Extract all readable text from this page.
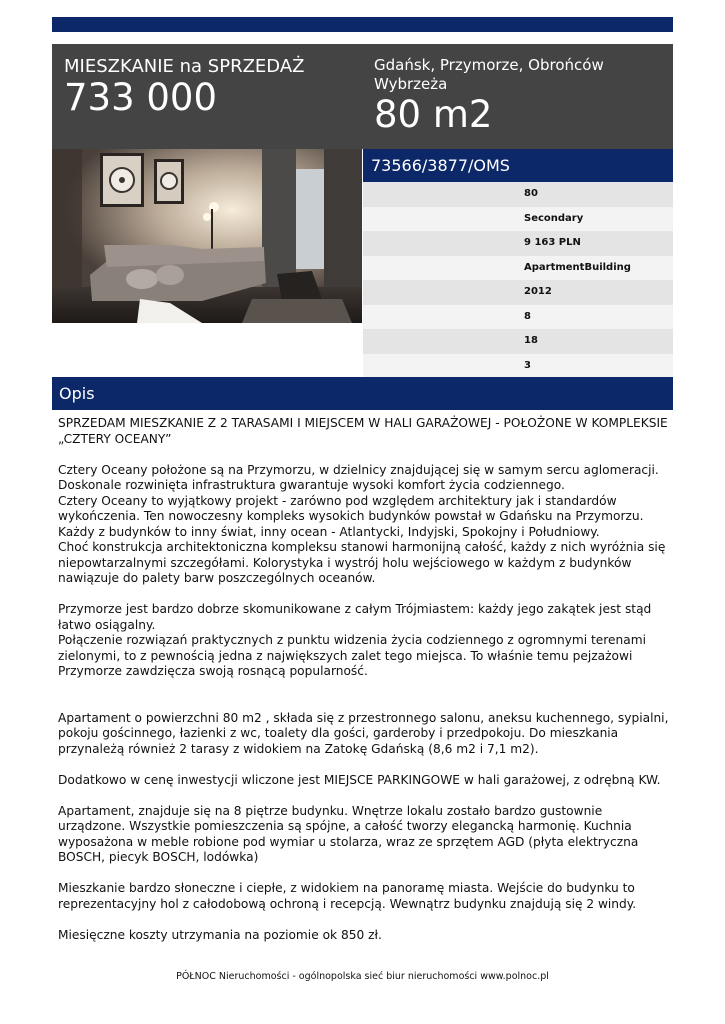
MIESZKANIE na SPRZEDAŻ
733 000
Gdańsk, Przymorze, Obrońców Wybrzeża
80 m2
73566/3877/OMS
80
Secondary
9 163 PLN
ApartmentBuilding
2012
8
18
3
Opis

SPRZEDAM MIESZKANIE Z 2 TARASAMI I MIEJSCEM W HALI GARAŻOWEJ - POŁOŻONE W KOMPLEKSIE „CZTERY OCEANY”

Cztery Oceany położone są na Przymorzu, w dzielnicy znajdującej się w samym sercu aglomeracji.

Doskonale rozwinięta infrastruktura gwarantuje wysoki komfort życia codziennego.

Cztery Oceany to wyjątkowy projekt - zarówno pod względem architektury jak i standardów wykończenia. Ten nowoczesny kompleks wysokich budynków powstał w Gdańsku na Przymorzu.

Każdy z budynków to inny świat, inny ocean - Atlantycki, Indyjski, Spokojny i Południowy.

Choć konstrukcja architektoniczna kompleksu stanowi harmonijną całość, każdy z nich wyróżnia się niepowtarzalnymi szczegółami. Kolorystyka i wystrój holu wejściowego w każdym z budynków nawiązuje do palety barw poszczególnych oceanów.

Przymorze jest bardzo dobrze skomunikowane z całym Trójmiastem: każdy jego zakątek jest stąd łatwo osiągalny.

Połączenie rozwiązań praktycznych z punktu widzenia życia codziennego z ogromnymi terenami zielonymi, to z pewnością jedna z największych zalet tego miejsca. To właśnie temu pejzażowi Przymorze zawdzięcza swoją rosnącą popularność.

Apartament o powierzchni 80 m2 , składa się z przestronnego salonu, aneksu kuchennego, sypialni, pokoju gościnnego, łazienki z wc, toalety dla gości, garderoby i przedpokoju. Do mieszkania przynależą również 2 tarasy z widokiem na Zatokę Gdańską (8,6 m2 i 7,1 m2).

Dodatkowo w cenę inwestycji wliczone jest MIEJSCE PARKINGOWE w hali garażowej, z odrębną KW.

Apartament, znajduje się na 8 piętrze budynku. Wnętrze lokalu zostało bardzo gustownie urządzone. Wszystkie pomieszczenia są spójne, a całość tworzy elegancką harmonię. Kuchnia wyposażona w meble robione pod wymiar u stolarza, wraz ze sprzętem AGD (płyta elektryczna BOSCH, piecyk BOSCH, lodówka)

Mieszkanie bardzo słoneczne i ciepłe, z widokiem na panoramę miasta. Wejście do budynku to reprezentacyjny hol z całodobową ochroną i recepcją. Wewnątrz budynku znajdują się 2 windy.

Miesięczne koszty utrzymania na poziomie ok 850 zł.

PÓŁNOC Nieruchomości - ogólnopolska sieć biur nieruchomości www.polnoc.pl
